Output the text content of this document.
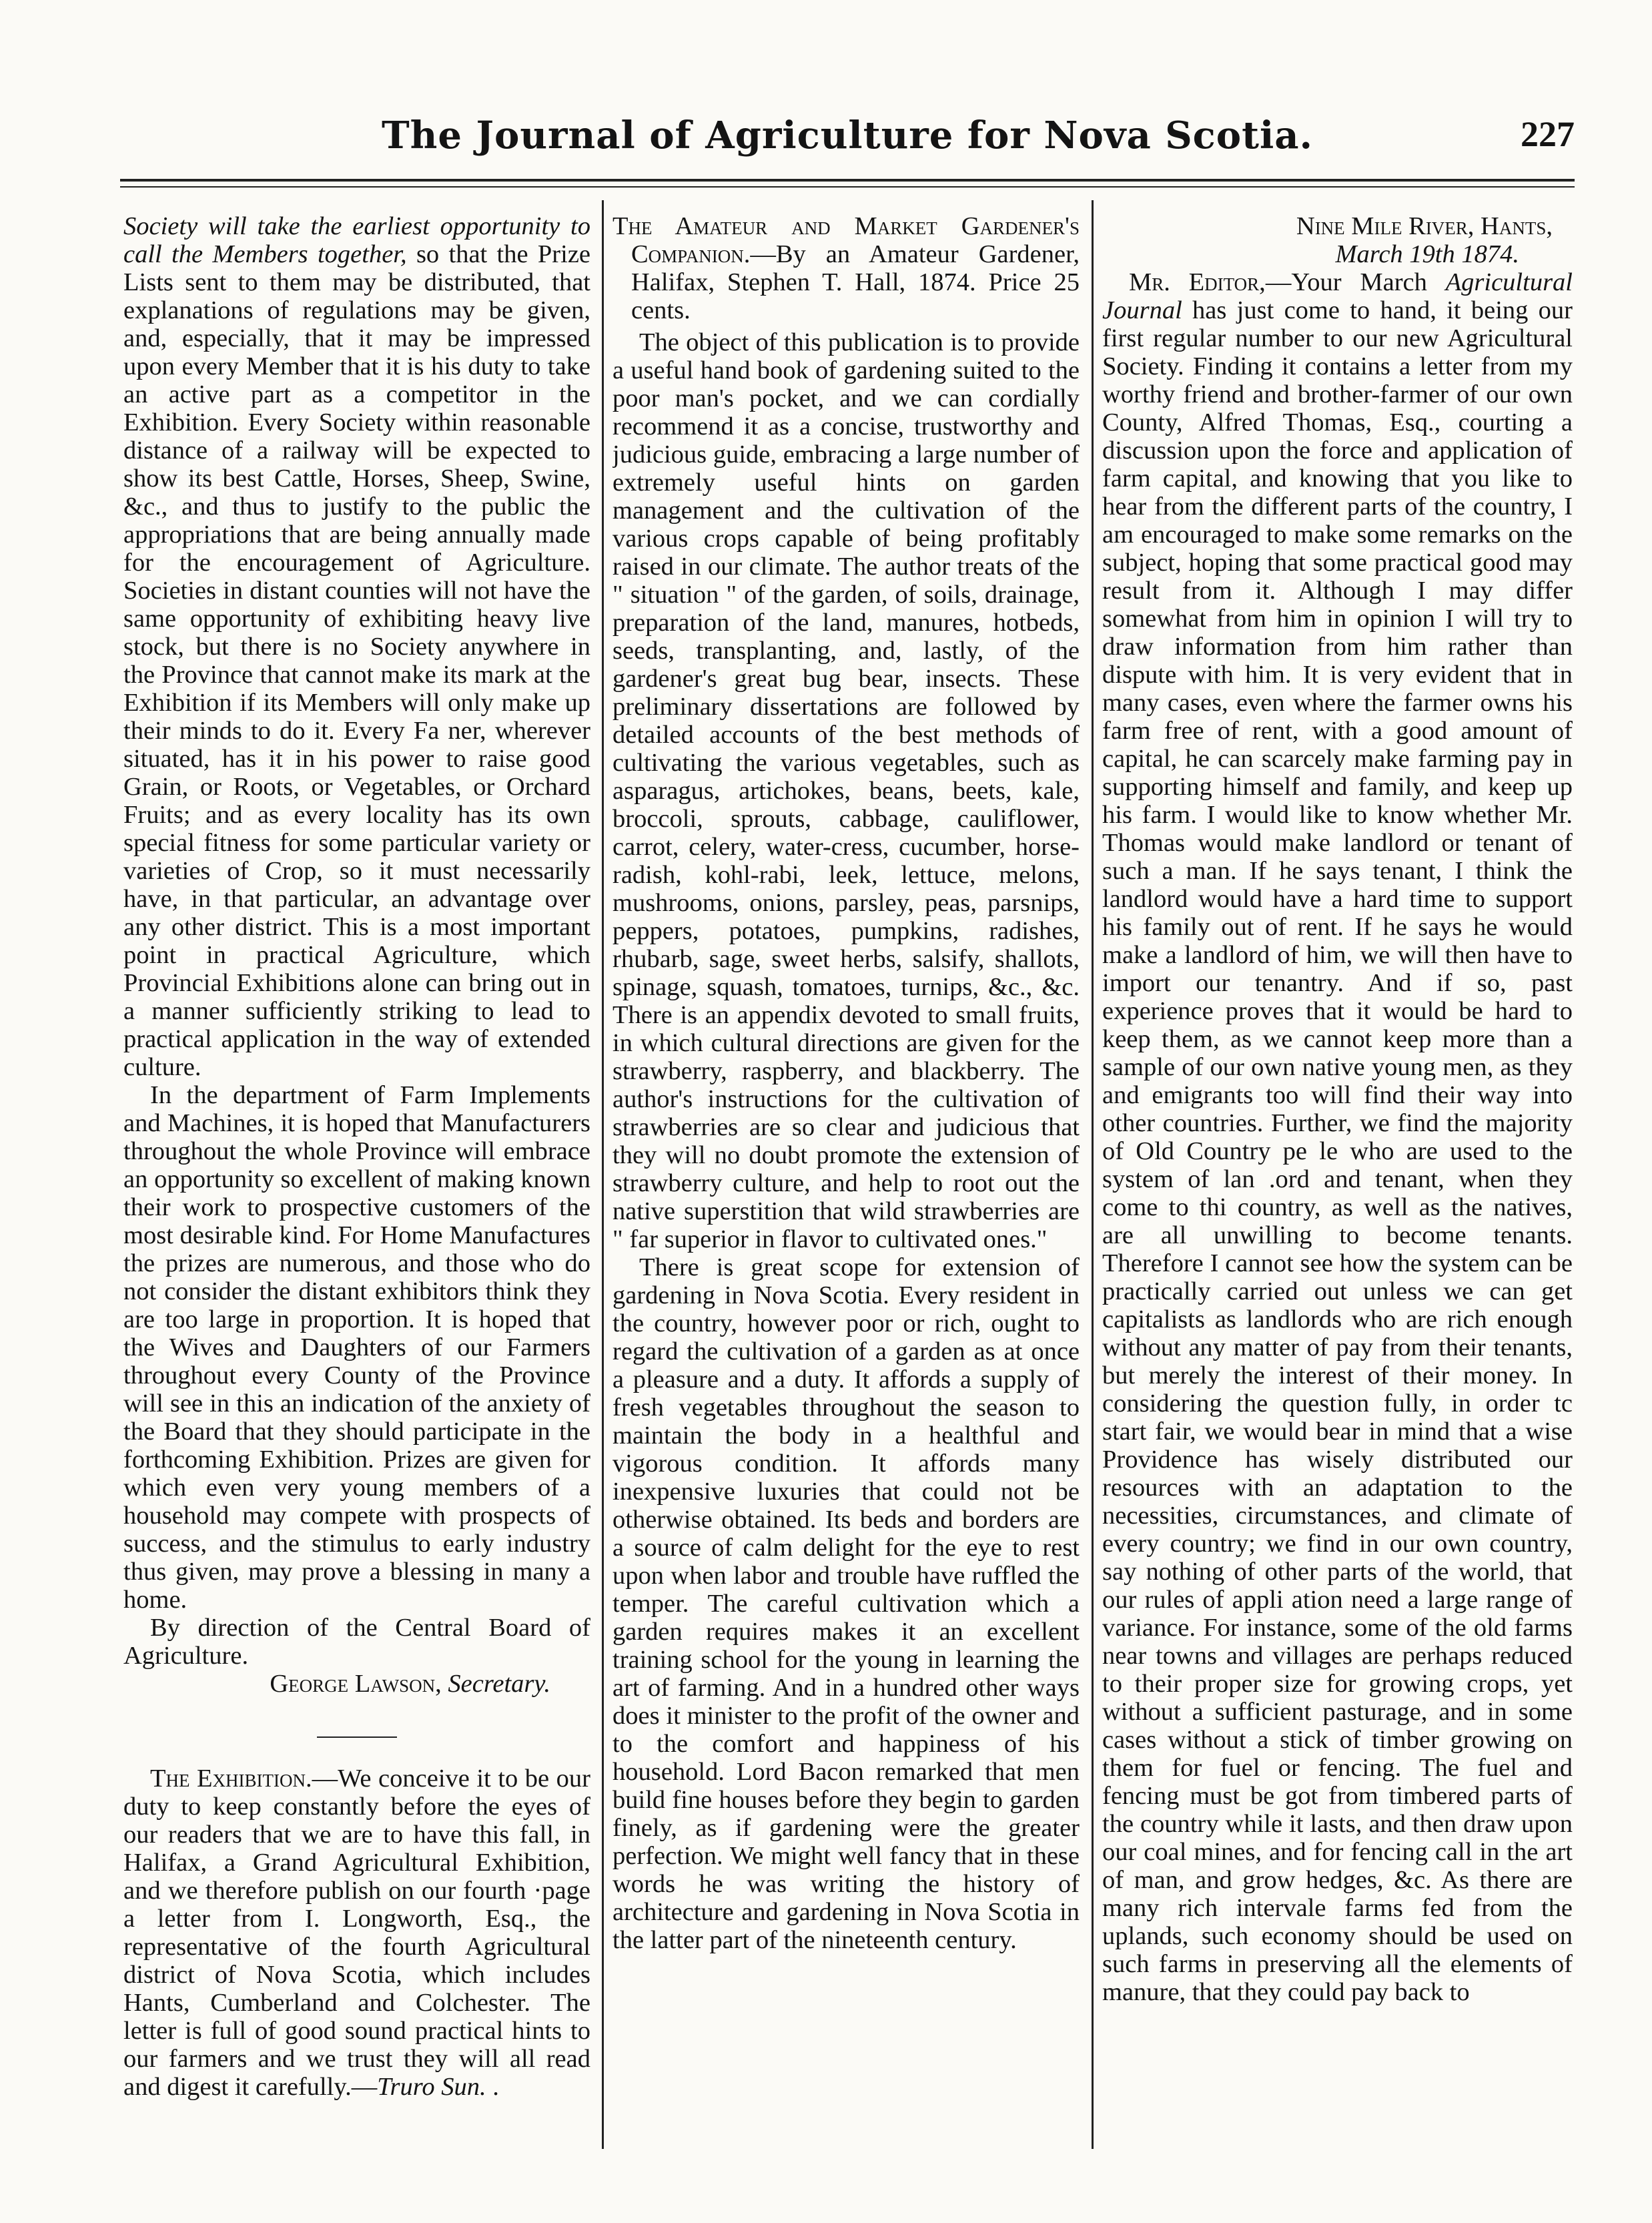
The Journal of Agriculture for Nova Scotia.	227

Society will take the earliest opportunity to call the Members together, so that the Prize Lists sent to them may be distributed, that explanations of regulations may be given, and, especially, that it may be impressed upon every Member that it is his duty to take an active part as a competitor in the Exhibition. Every Society within reasonable distance of a railway will be expected to show its best Cattle, Horses, Sheep, Swine, &c., and thus to justify to the public the appropriations that are being annually made for the encouragement of Agriculture. Societies in distant counties will not have the same opportunity of exhibiting heavy live stock, but there is no Society anywhere in the Province that cannot make its mark at the Exhibition if its Members will only make up their minds to do it. Every Fa ner, wherever situated, has it in his power to raise good Grain, or Roots, or Vegetables, or Orchard Fruits; and as every locality has its own special fitness for some particular variety or varieties of Crop, so it must necessarily have, in that particular, an advantage over any other district. This is a most important point in practical Agriculture, which Provincial Exhibitions alone can bring out in a manner sufficiently striking to lead to practical application in the way of extended culture.

In the department of Farm Implements and Machines, it is hoped that Manufacturers throughout the whole Province will embrace an opportunity so excellent of making known their work to prospective customers of the most desirable kind. For Home Manufactures the prizes are numerous, and those who do not consider the distant exhibitors think they are too large in proportion. It is hoped that the Wives and Daughters of our Farmers throughout every County of the Province will see in this an indication of the anxiety of the Board that they should participate in the forthcoming Exhibition. Prizes are given for which even very young members of a household may compete with prospects of success, and the stimulus to early industry thus given, may prove a blessing in many a home.

By direction of the Central Board of Agriculture.

George Lawson, Secretary.

The Exhibition.—We conceive it to be our duty to keep constantly before the eyes of our readers that we are to have this fall, in Halifax, a Grand Agricultural Exhibition, and we therefore publish on our fourth ·page a letter from I. Longworth, Esq., the representative of the fourth Agricultural district of Nova Scotia, which includes Hants, Cumberland and Colchester. The letter is full of good sound practical hints to our farmers and we trust they will all read and digest it carefully.—Truro Sun. .

The Amateur and Market Gardener's Companion.—By an Amateur Gardener, Halifax, Stephen T. Hall, 1874. Price 25 cents.

The object of this publication is to provide a useful hand book of gardening suited to the poor man's pocket, and we can cordially recommend it as a concise, trustworthy and judicious guide, embracing a large number of extremely useful hints on garden management and the cultivation of the various crops capable of being profitably raised in our climate. The author treats of the " situation " of the garden, of soils, drainage, preparation of the land, manures, hotbeds, seeds, transplanting, and, lastly, of the gardener's great bug bear, insects. These preliminary dissertations are followed by detailed accounts of the best methods of cultivating the various vegetables, such as asparagus, artichokes, beans, beets, kale, broccoli, sprouts, cabbage, cauliflower, carrot, celery, water-cress, cucumber, horse-radish, kohl-rabi, leek, lettuce, melons, mushrooms, onions, parsley, peas, parsnips, peppers, potatoes, pumpkins, radishes, rhubarb, sage, sweet herbs, salsify, shallots, spinage, squash, tomatoes, turnips, &c., &c. There is an appendix devoted to small fruits, in which cultural directions are given for the strawberry, raspberry, and blackberry. The author's instructions for the cultivation of strawberries are so clear and judicious that they will no doubt promote the extension of strawberry culture, and help to root out the native superstition that wild strawberries are " far superior in flavor to cultivated ones."

There is great scope for extension of gardening in Nova Scotia. Every resident in the country, however poor or rich, ought to regard the cultivation of a garden as at once a pleasure and a duty. It affords a supply of fresh vegetables throughout the season to maintain the body in a healthful and vigorous condition. It affords many inexpensive luxuries that could not be otherwise obtained. Its beds and borders are a source of calm delight for the eye to rest upon when labor and trouble have ruffled the temper. The careful cultivation which a garden requires makes it an excellent training school for the young in learning the art of farming. And in a hundred other ways does it minister to the profit of the owner and to the comfort and happiness of his household. Lord Bacon remarked that men build fine houses before they begin to garden finely, as if gardening were the greater perfection. We might well fancy that in these words he was writing the history of architecture and gardening in Nova Scotia in the latter part of the nineteenth century.

Nine Mile River, Hants,
March 19th 1874.

Mr. Editor,—Your March Agricultural Journal has just come to hand, it being our first regular number to our new Agricultural Society. Finding it contains a letter from my worthy friend and brother-farmer of our own County, Alfred Thomas, Esq., courting a discussion upon the force and application of farm capital, and knowing that you like to hear from the different parts of the country, I am encouraged to make some remarks on the subject, hoping that some practical good may result from it. Although I may differ somewhat from him in opinion I will try to draw information from him rather than dispute with him. It is very evident that in many cases, even where the farmer owns his farm free of rent, with a good amount of capital, he can scarcely make farming pay in supporting himself and family, and keep up his farm. I would like to know whether Mr. Thomas would make landlord or tenant of such a man. If he says tenant, I think the landlord would have a hard time to support his family out of rent. If he says he would make a landlord of him, we will then have to import our tenantry. And if so, past experience proves that it would be hard to keep them, as we cannot keep more than a sample of our own native young men, as they and emigrants too will find their way into other countries. Further, we find the majority of Old Country pe le who are used to the system of lan .ord and tenant, when they come to thi country, as well as the natives, are all unwilling to become tenants. Therefore I cannot see how the system can be practically carried out unless we can get capitalists as landlords who are rich enough without any matter of pay from their tenants, but merely the interest of their money. In considering the question fully, in order tc start fair, we would bear in mind that a wise Providence has wisely distributed our resources with an adaptation to the necessities, circumstances, and climate of every country; we find in our own country, say nothing of other parts of the world, that our rules of appli ation need a large range of variance. For instance, some of the old farms near towns and villages are perhaps reduced to their proper size for growing crops, yet without a sufficient pasturage, and in some cases without a stick of timber growing on them for fuel or fencing. The fuel and fencing must be got from timbered parts of the country while it lasts, and then draw upon our coal mines, and for fencing call in the art of man, and grow hedges, &c. As there are many rich intervale farms fed from the uplands, such economy should be used on such farms in preserving all the elements of manure, that they could pay back to
